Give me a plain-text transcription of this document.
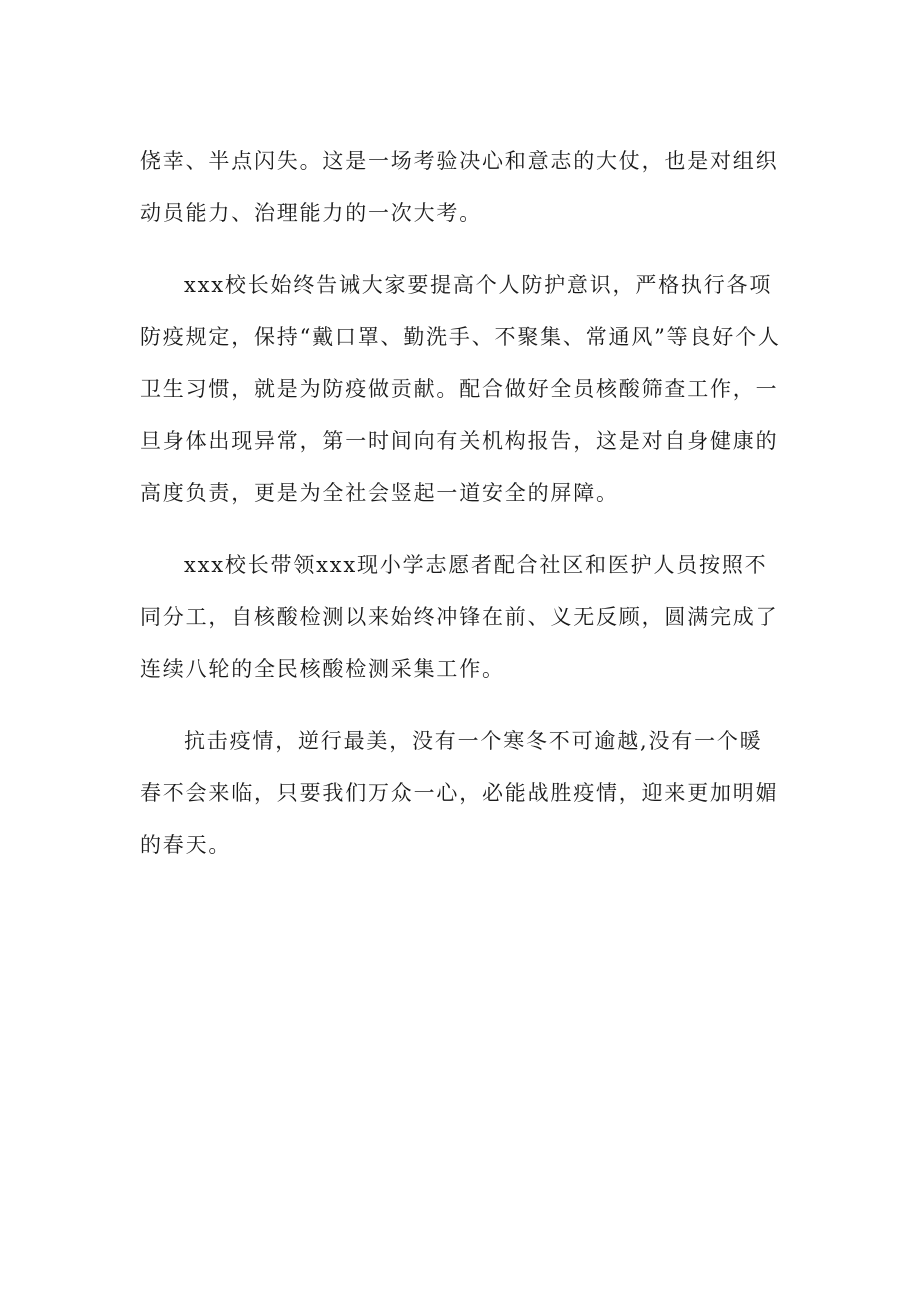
侥幸、半点闪失。这是一场考验决心和意志的大仗，也是对组织动员能力、治理能力的一次大考。

xxx校长始终告诫大家要提高个人防护意识，严格执行各项防疫规定，保持“戴口罩、勤洗手、不聚集、常通风”等良好个人卫生习惯，就是为防疫做贡献。配合做好全员核酸筛查工作，一旦身体出现异常，第一时间向有关机构报告，这是对自身健康的高度负责，更是为全社会竖起一道安全的屏障。

xxx校长带领xxx现小学志愿者配合社区和医护人员按照不同分工，自核酸检测以来始终冲锋在前、义无反顾，圆满完成了连续八轮的全民核酸检测采集工作。

抗击疫情，逆行最美，没有一个寒冬不可逾越,没有一个暖春不会来临，只要我们万众一心，必能战胜疫情，迎来更加明媚的春天。
